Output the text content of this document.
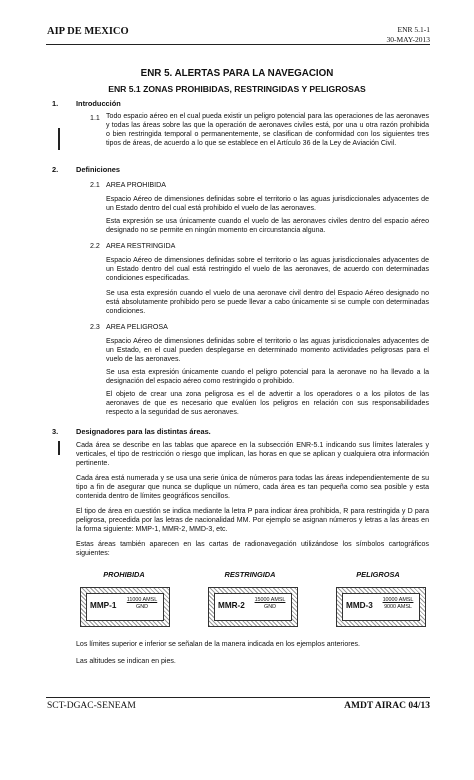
AIP DE MEXICO	ENR 5.1-1
30-MAY-2013
ENR 5. ALERTAS PARA LA NAVEGACION
ENR 5.1 ZONAS PROHIBIDAS, RESTRINGIDAS Y PELIGROSAS
1. Introducción
1.1 Todo espacio aéreo en el cual pueda existir un peligro potencial para las operaciones de las aeronaves y todas las áreas sobre las que la operación de aeronaves civiles está, por una u otra razón prohibida o bien restringida temporal o permanentemente, se clasifican de conformidad con los siguientes tres tipos de áreas, de acuerdo a lo que se establece en el Artículo 36 de la Ley de Aviación Civil.
2. Definiciones
2.1 AREA PROHIBIDA
Espacio Aéreo de dimensiones definidas sobre el territorio o las aguas jurisdiccionales adyacentes de un Estado dentro del cual está prohibido el vuelo de las aeronaves.
Esta expresión se usa únicamente cuando el vuelo de las aeronaves civiles dentro del espacio aéreo designado no se permite en ningún momento en circunstancia alguna.
2.2 AREA RESTRINGIDA
Espacio Aéreo de dimensiones definidas sobre el territorio o las aguas jurisdiccionales adyacentes de un Estado dentro del cual está restringido el vuelo de las aeronaves, de acuerdo con determinadas condiciones especificadas.
Se usa esta expresión cuando el vuelo de una aeronave civil dentro del Espacio Aéreo designado no está absolutamente prohibido pero se puede llevar a cabo únicamente si se cumple con determinadas condiciones.
2.3 AREA PELIGROSA
Espacio Aéreo de dimensiones definidas sobre el territorio o las aguas jurisdiccionales adyacentes de un Estado, en el cual pueden desplegarse en determinado momento actividades peligrosas para el vuelo de las aeronaves.
Se usa esta expresión únicamente cuando el peligro potencial para la aeronave no ha llevado a la designación del espacio aéreo como restringido o prohibido.
El objeto de crear una zona peligrosa es el de advertir a los operadores o a los pilotos de las aeronaves de que es necesario que evalúen los peligros en relación con sus responsabilidades respecto a la seguridad de sus aeronaves.
3. Designadores para las distintas áreas.
Cada área se describe en las tablas que aparece en la subsección ENR-5.1 indicando sus límites laterales y verticales, el tipo de restricción o riesgo que implican, las horas en que se aplican y cualquiera otra información pertinente.
Cada área está numerada y se usa una serie única de números para todas las áreas independientemente de su tipo a fin de asegurar que nunca se duplique un número, cada área es tan pequeña como sea posible y esta contenida dentro de límites geográficos sencillos.
El tipo de área en cuestión se indica mediante la letra P para indicar área prohibida, R para restringida y D para peligrosa, precedida por las letras de nacionalidad MM. Por ejemplo se asignan números y letras a las áreas en la forma siguiente: MMP-1, MMR-2, MMD-3, etc.
Estas áreas también aparecen en las cartas de radionavegación utilizándose los símbolos cartográficos siguientes:
PROHIBIDA	RESTRINGIDA	PELIGROSA
MMP-1
11000 AMSL
GND	MMR-2
15000 AMSL
GND	MMD-3
10000 AMSL
9000 AMSL
Los límites superior e inferior se señalan de la manera indicada en los ejemplos anteriores.
Las altitudes se indican en pies.
SCT-DGAC-SENEAM	AMDT AIRAC 04/13
